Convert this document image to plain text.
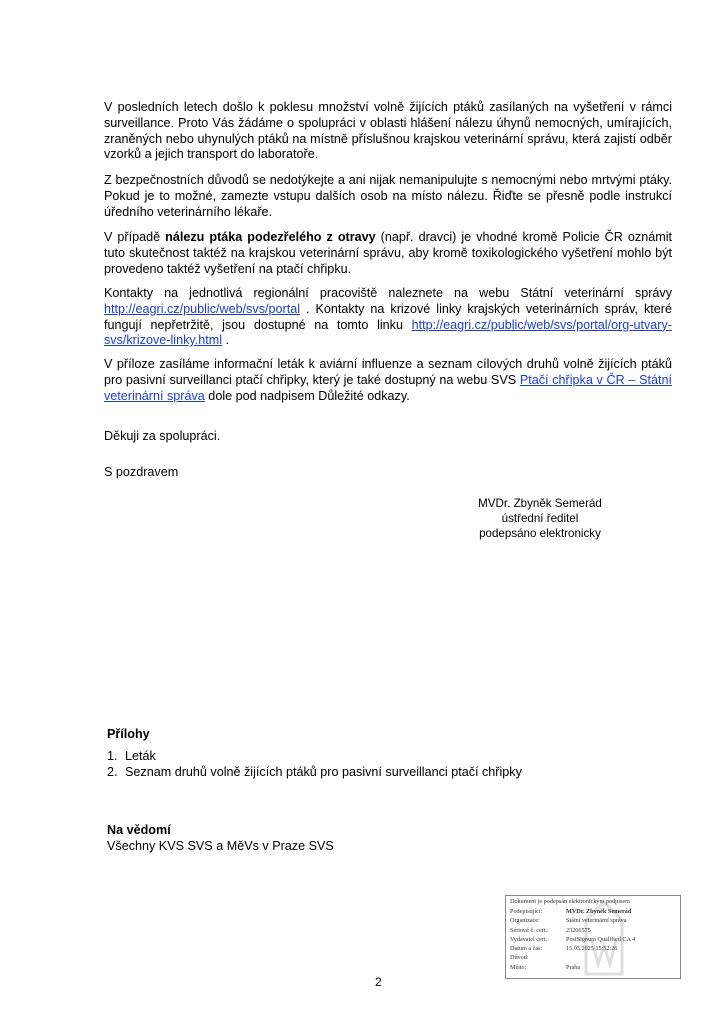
V posledních letech došlo k poklesu množství volně žijících ptáků zasílaných na vyšetření v rámci surveillance. Proto Vás žádáme o spolupráci v oblasti hlášení nálezu úhynů nemocných, umírajících, zraněných nebo uhynulých ptáků na místně příslušnou krajskou veterinární správu, která zajistí odběr vzorků a jejich transport do laboratoře.

Z bezpečnostních důvodů se nedotýkejte a ani nijak nemanipulujte s nemocnými nebo mrtvými ptáky. Pokud je to možné, zamezte vstupu dalších osob na místo nálezu. Řiďte se přesně podle instrukcí úředního veterinárního lékaře.

V případě nálezu ptáka podezřelého z otravy (např. dravci) je vhodné kromě Policie ČR oznámit tuto skutečnost taktéž na krajskou veterinární správu, aby kromě toxikologického vyšetření mohlo být provedeno taktéž vyšetření na ptačí chřipku.

Kontakty na jednotlivá regionální pracoviště naleznete na webu Státní veterinární správy http://eagri.cz/public/web/svs/portal . Kontakty na krizové linky krajských veterinárních správ, které fungují nepřetržitě, jsou dostupné na tomto linku http://eagri.cz/public/web/svs/portal/org-utvary-svs/krizove-linky.html .

V příloze zasíláme informační leták k aviární influenze a seznam cílových druhů volně žijících ptáků pro pasivní surveillanci ptačí chřipky, který je také dostupný na webu SVS Ptačí chřipka v ČR – Státní veterinární správa dole pod nadpisem Důležité odkazy.

Děkuji za spolupráci.

S pozdravem

MVDr. Zbyněk Semerád
ústřední ředitel
podepsáno elektronicky
Přílohy
1. Leták
2. Seznam druhů volně žijících ptáků pro pasivní surveillanci ptačí chřipky
Na vědomí
Všechny KVS SVS a MěVs v Praze SVS
Dokument je podepsán elektronickým podpisem
Podepisující:	MVDr. Zbyněk Semerád
Organizace:	Státní veterinární správa
Sériové č. cert.:	23266575
Vydavatel cert.:	PostSignum Qualified CA 4
Datum a čas:	15.05.2025 15:52:26
Důvod:
Místo:	Praha
2
